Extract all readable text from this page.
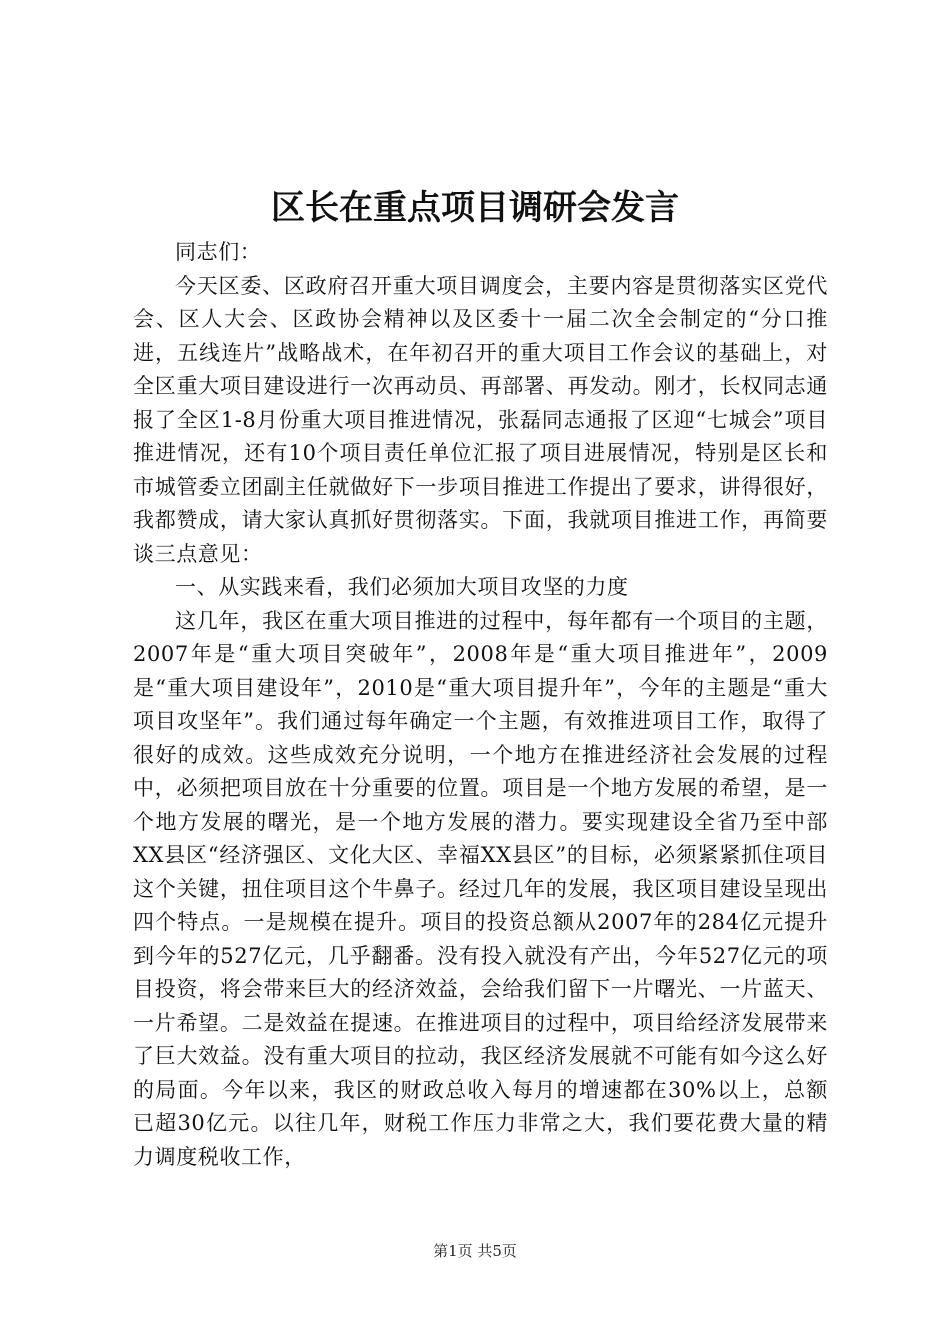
区长在重点项目调研会发言

同志们：

今天区委、区政府召开重大项目调度会，主要内容是贯彻落实区党代会、区人大会、区政协会精神以及区委十一届二次全会制定的“分口推进，五线连片”战略战术，在年初召开的重大项目工作会议的基础上，对全区重大项目建设进行一次再动员、再部署、再发动。刚才，长权同志通报了全区1-8月份重大项目推进情况，张磊同志通报了区迎“七城会”项目推进情况，还有10个项目责任单位汇报了项目进展情况，特别是区长和市城管委立团副主任就做好下一步项目推进工作提出了要求，讲得很好，我都赞成，请大家认真抓好贯彻落实。下面，我就项目推进工作，再简要谈三点意见：

一、从实践来看，我们必须加大项目攻坚的力度

这几年，我区在重大项目推进的过程中，每年都有一个项目的主题，2007年是“重大项目突破年”，2008年是“重大项目推进年”，2009是“重大项目建设年”，2010是“重大项目提升年”，今年的主题是“重大项目攻坚年”。我们通过每年确定一个主题，有效推进项目工作，取得了很好的成效。这些成效充分说明，一个地方在推进经济社会发展的过程中，必须把项目放在十分重要的位置。项目是一个地方发展的希望，是一个地方发展的曙光，是一个地方发展的潜力。要实现建设全省乃至中部XX县区“经济强区、文化大区、幸福XX县区”的目标，必须紧紧抓住项目这个关键，扭住项目这个牛鼻子。经过几年的发展，我区项目建设呈现出四个特点。一是规模在提升。项目的投资总额从2007年的284亿元提升到今年的527亿元，几乎翻番。没有投入就没有产出，今年527亿元的项目投资，将会带来巨大的经济效益，会给我们留下一片曙光、一片蓝天、一片希望。二是效益在提速。在推进项目的过程中，项目给经济发展带来了巨大效益。没有重大项目的拉动，我区经济发展就不可能有如今这么好的局面。今年以来，我区的财政总收入每月的增速都在30%以上，总额已超30亿元。以往几年，财税工作压力非常之大，我们要花费大量的精力调度税收工作，

第1页 共5页
